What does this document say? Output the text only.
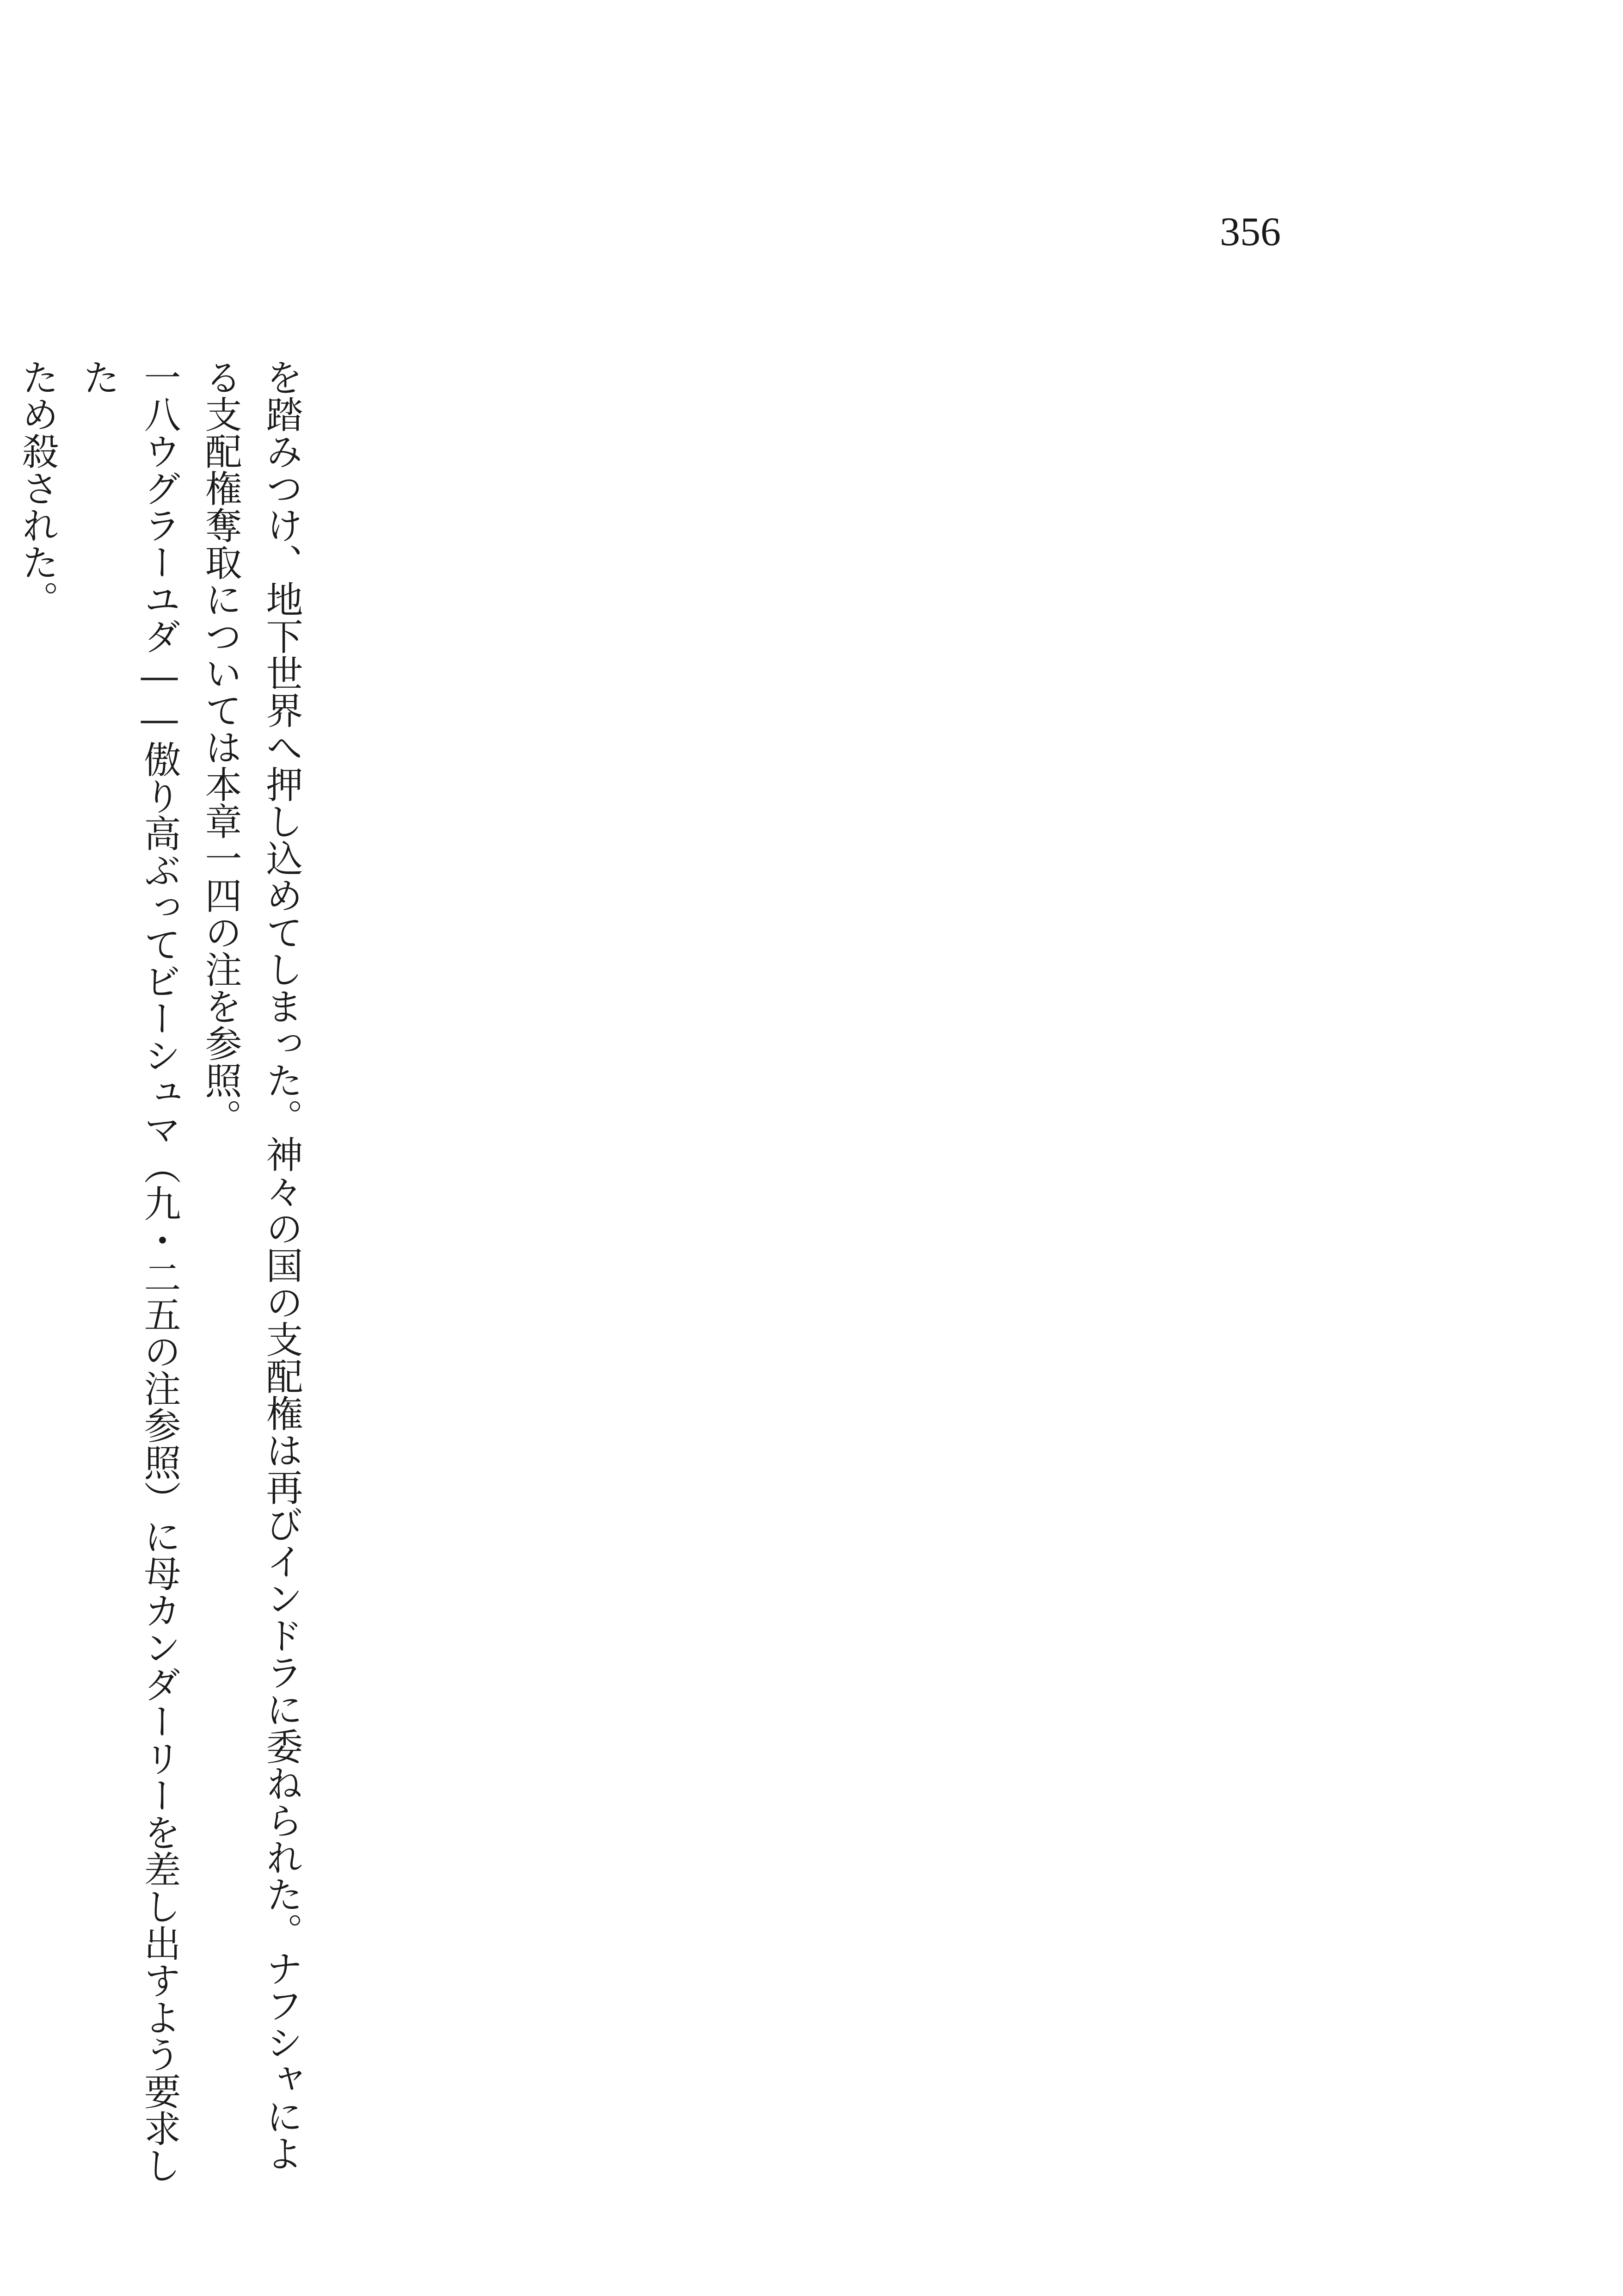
356
を踏みつけ、地下世界へ押し込めてしまった。神々の国の支配権は再びインドラに委ねられた。ナフシャによ
る支配権奪取については本章一四の注を参照。
一八ウグラーユダ――傲り高ぶってビーシュマ（九・二五の注参照）に母カンダーリーを差し出すよう要求した
ため殺された。
